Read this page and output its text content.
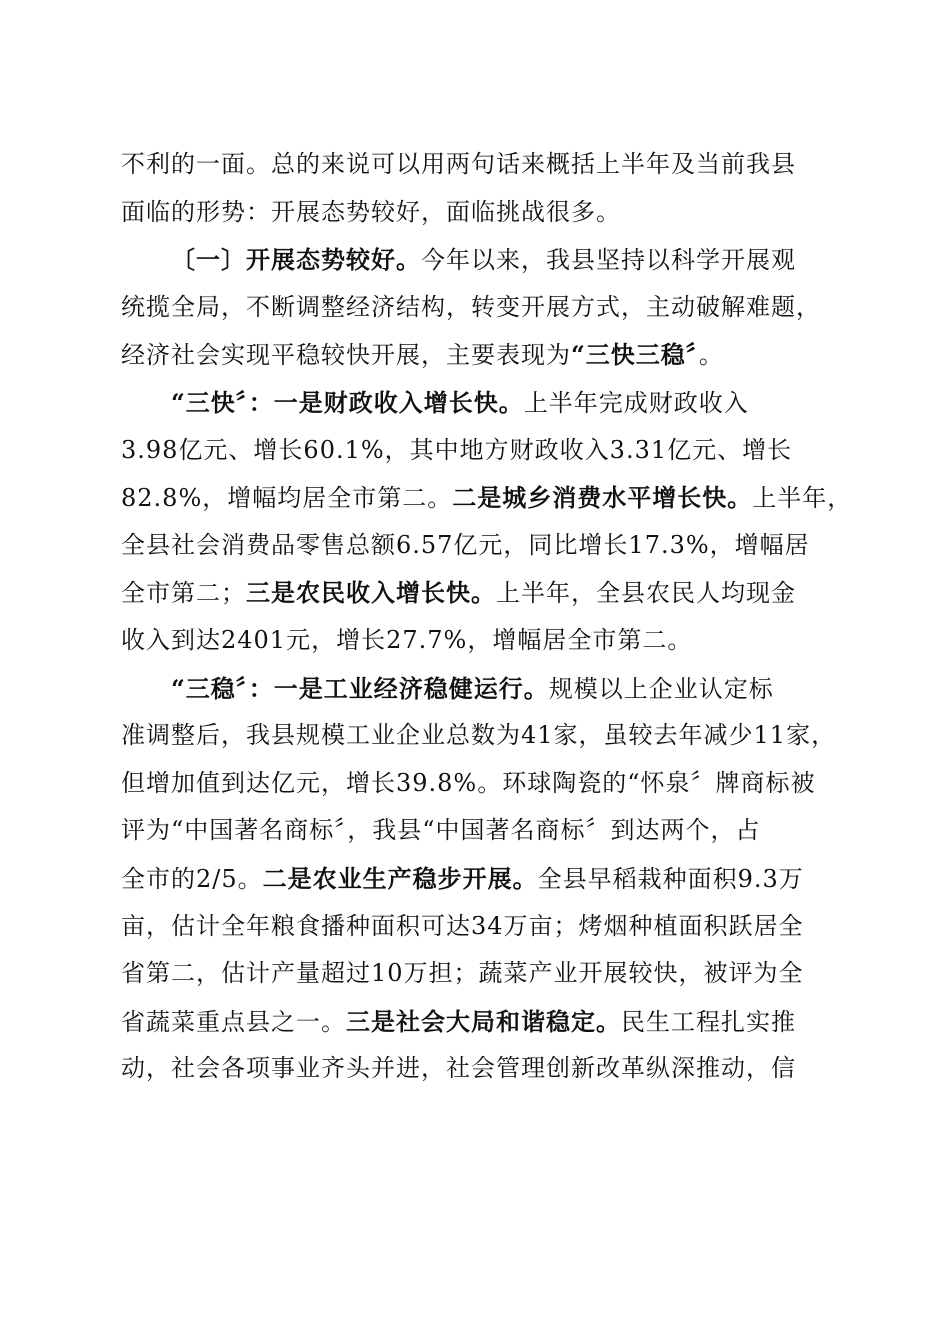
不利的一面。总的来说可以用两句话来概括上半年及当前我县
面临的形势：开展态势较好，面临挑战很多。
〔一〕开展态势较好。今年以来，我县坚持以科学开展观
统揽全局，不断调整经济结构，转变开展方式，主动破解难题，
经济社会实现平稳较快开展，主要表现为“三快三稳〞。
“三快〞：一是财政收入增长快。上半年完成财政收入
3.98亿元、增长60.1%，其中地方财政收入3.31亿元、增长
82.8%，增幅均居全市第二。二是城乡消费水平增长快。上半年，
全县社会消费品零售总额6.57亿元，同比增长17.3%，增幅居
全市第二；三是农民收入增长快。上半年，全县农民人均现金
收入到达2401元，增长27.7%，增幅居全市第二。
“三稳〞：一是工业经济稳健运行。规模以上企业认定标
准调整后，我县规模工业企业总数为41家，虽较去年减少11家，
但增加值到达亿元，增长39.8%。环球陶瓷的“怀泉〞牌商标被
评为“中国著名商标〞，我县“中国著名商标〞到达两个，占
全市的2/5。二是农业生产稳步开展。全县早稻栽种面积9.3万
亩，估计全年粮食播种面积可达34万亩；烤烟种植面积跃居全
省第二，估计产量超过10万担；蔬菜产业开展较快，被评为全
省蔬菜重点县之一。三是社会大局和谐稳定。民生工程扎实推
动，社会各项事业齐头并进，社会管理创新改革纵深推动，信
